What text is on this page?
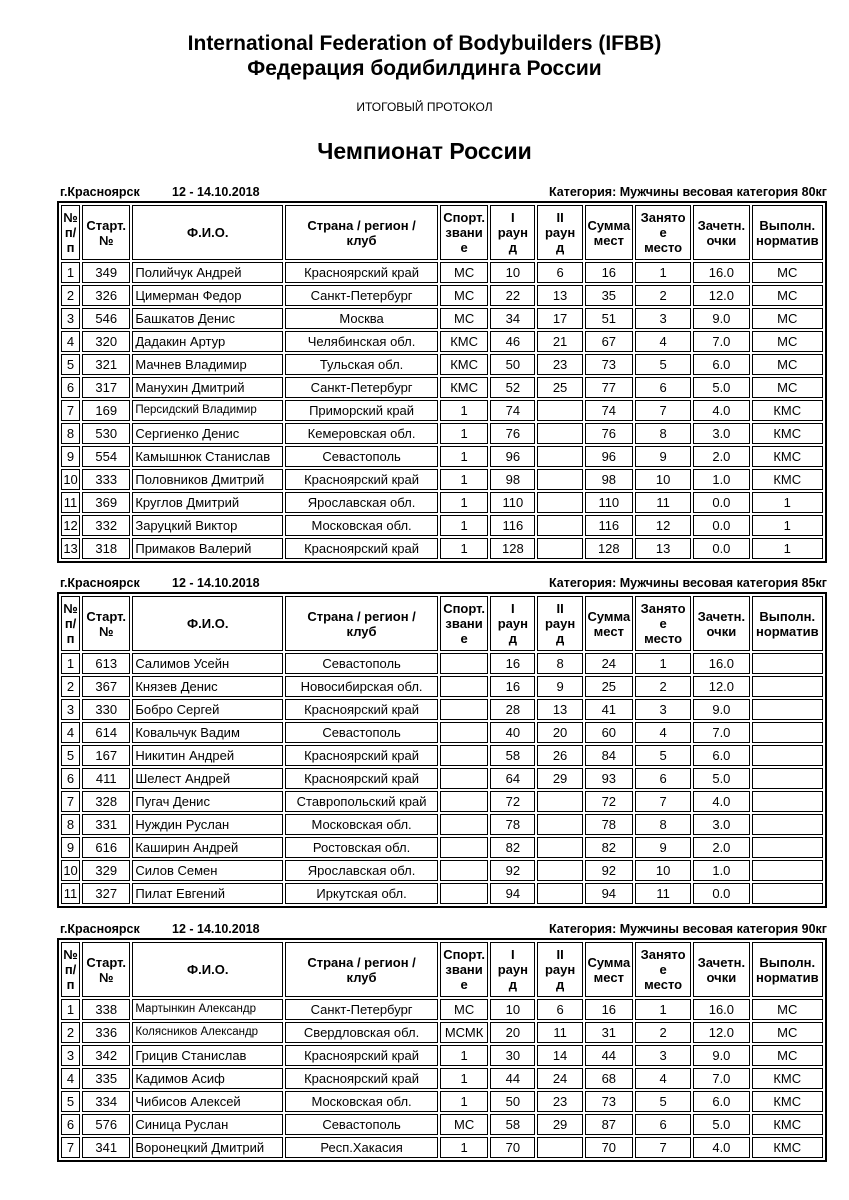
International Federation of Bodybuilders (IFBB)
Федерация бодибилдинга России
ИТОГОВЫЙ ПРОТОКОЛ
Чемпионат России
г.Красноярск	12 - 14.10.2018	Категория: Мужчины весовая категория 80кг
№
п/
п	Старт.
№	Ф.И.О.	Страна / регион /
клуб	Спорт.
звани
е	I
раун
д	II
раун
д	Сумма
мест	Занято
е
место	Зачетн.
очки	Выполн.
норматив
1	349	Полийчук Андрей	Красноярский край	МС	10	6	16	1	16.0	МС
2	326	Цимерман Федор	Санкт-Петербург	МС	22	13	35	2	12.0	МС
3	546	Башкатов Денис	Москва	МС	34	17	51	3	9.0	МС
4	320	Дадакин Артур	Челябинская обл.	КМС	46	21	67	4	7.0	МС
5	321	Мачнев Владимир	Тульская обл.	КМС	50	23	73	5	6.0	МС
6	317	Манухин Дмитрий	Санкт-Петербург	КМС	52	25	77	6	5.0	МС
7	169	Персидский Владимир	Приморский край	1	74		74	7	4.0	КМС
8	530	Сергиенко Денис	Кемеровская обл.	1	76		76	8	3.0	КМС
9	554	Камышнюк Станислав	Севастополь	1	96		96	9	2.0	КМС
10	333	Половников Дмитрий	Красноярский край	1	98		98	10	1.0	КМС
11	369	Круглов Дмитрий	Ярославская обл.	1	110		110	11	0.0	1
12	332	Заруцкий Виктор	Московская обл.	1	116		116	12	0.0	1
13	318	Примаков Валерий	Красноярский край	1	128		128	13	0.0	1
г.Красноярск	12 - 14.10.2018	Категория: Мужчины весовая категория 85кг
№
п/
п	Старт.
№	Ф.И.О.	Страна / регион /
клуб	Спорт.
звани
е	I
раун
д	II
раун
д	Сумма
мест	Занято
е
место	Зачетн.
очки	Выполн.
норматив
1	613	Салимов Усейн	Севастополь		16	8	24	1	16.0	
2	367	Князев Денис	Новосибирская обл.		16	9	25	2	12.0	
3	330	Бобро Сергей	Красноярский край		28	13	41	3	9.0	
4	614	Ковальчук Вадим	Севастополь		40	20	60	4	7.0	
5	167	Никитин Андрей	Красноярский край		58	26	84	5	6.0	
6	411	Шелест Андрей	Красноярский край		64	29	93	6	5.0	
7	328	Пугач Денис	Ставропольский край		72		72	7	4.0	
8	331	Нуждин Руслан	Московская обл.		78		78	8	3.0	
9	616	Каширин Андрей	Ростовская обл.		82		82	9	2.0	
10	329	Силов Семен	Ярославская обл.		92		92	10	1.0	
11	327	Пилат Евгений	Иркутская обл.		94		94	11	0.0	
г.Красноярск	12 - 14.10.2018	Категория: Мужчины весовая категория 90кг
№
п/
п	Старт.
№	Ф.И.О.	Страна / регион /
клуб	Спорт.
звани
е	I
раун
д	II
раун
д	Сумма
мест	Занято
е
место	Зачетн.
очки	Выполн.
норматив
1	338	Мартынкин Александр	Санкт-Петербург	МС	10	6	16	1	16.0	МС
2	336	Колясников Александр	Свердловская обл.	МСМК	20	11	31	2	12.0	МС
3	342	Грицив Станислав	Красноярский край	1	30	14	44	3	9.0	МС
4	335	Кадимов Асиф	Красноярский край	1	44	24	68	4	7.0	КМС
5	334	Чибисов Алексей	Московская обл.	1	50	23	73	5	6.0	КМС
6	576	Синица Руслан	Севастополь	МС	58	29	87	6	5.0	КМС
7	341	Воронецкий Дмитрий	Респ.Хакасия	1	70		70	7	4.0	КМС
